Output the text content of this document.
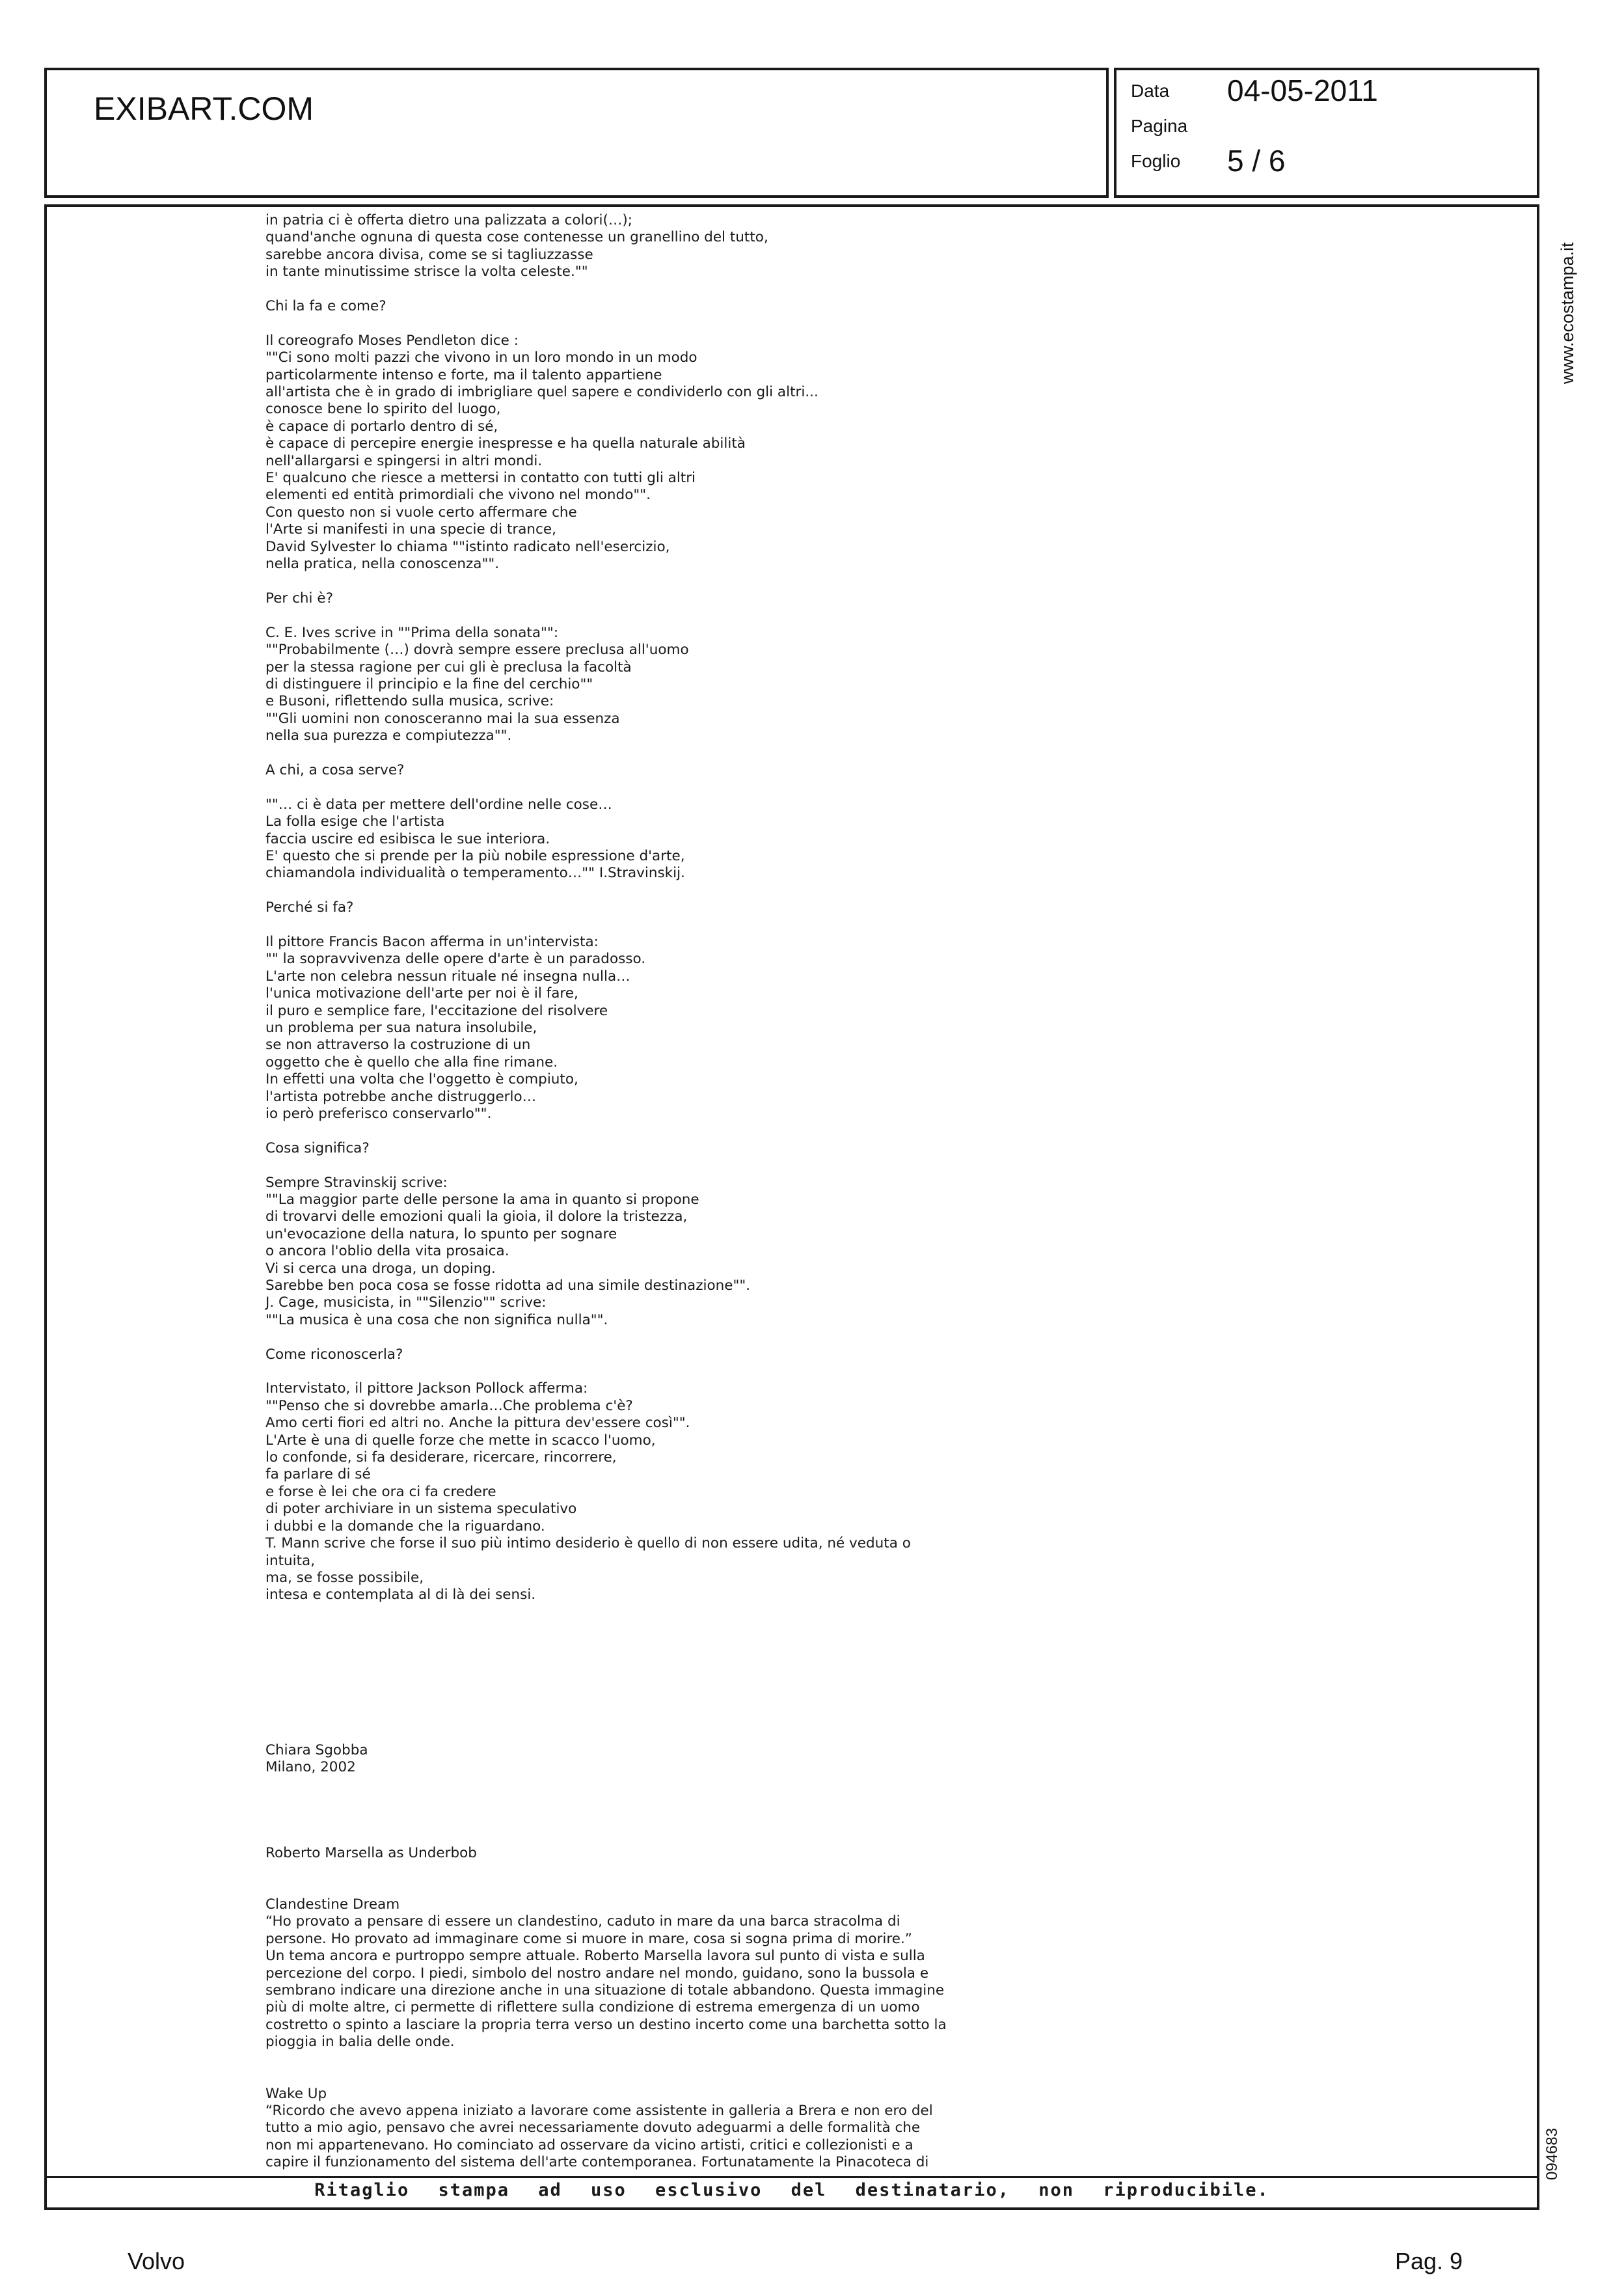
EXIBART.COM	Data 04-05-2011
Pagina
Foglio 5 / 6
www.ecostampa.it
094683

in patria ci è offerta dietro una palizzata a colori(…);
quand'anche ognuna di questa cose contenesse un granellino del tutto,
sarebbe ancora divisa, come se si tagliuzzasse
in tante minutissime strisce la volta celeste.""

Chi la fa e come?

Il coreografo Moses Pendleton dice :
""Ci sono molti pazzi che vivono in un loro mondo in un modo
particolarmente intenso e forte, ma il talento appartiene
all'artista che è in grado di imbrigliare quel sapere e condividerlo con gli altri...
conosce bene lo spirito del luogo,
è capace di portarlo dentro di sé,
è capace di percepire energie inespresse e ha quella naturale abilità
nell'allargarsi e spingersi in altri mondi.
E' qualcuno che riesce a mettersi in contatto con tutti gli altri
elementi ed entità primordiali che vivono nel mondo"".
Con questo non si vuole certo affermare che
l'Arte si manifesti in una specie di trance,
David Sylvester lo chiama ""istinto radicato nell'esercizio,
nella pratica, nella conoscenza"".

Per chi è?

C. E. Ives scrive in ""Prima della sonata"":
""Probabilmente (…) dovrà sempre essere preclusa all'uomo
per la stessa ragione per cui gli è preclusa la facoltà
di distinguere il principio e la fine del cerchio""
e Busoni, riflettendo sulla musica, scrive:
""Gli uomini non conosceranno mai la sua essenza
nella sua purezza e compiutezza"".

A chi, a cosa serve?

""… ci è data per mettere dell'ordine nelle cose…
La folla esige che l'artista
faccia uscire ed esibisca le sue interiora.
E' questo che si prende per la più nobile espressione d'arte,
chiamandola individualità o temperamento…"" I.Stravinskij.

Perché si fa?

Il pittore Francis Bacon afferma in un'intervista:
"" la sopravvivenza delle opere d'arte è un paradosso.
L'arte non celebra nessun rituale né insegna nulla…
l'unica motivazione dell'arte per noi è il fare,
il puro e semplice fare, l'eccitazione del risolvere
un problema per sua natura insolubile,
se non attraverso la costruzione di un
oggetto che è quello che alla fine rimane.
In effetti una volta che l'oggetto è compiuto,
l'artista potrebbe anche distruggerlo…
io però preferisco conservarlo"".

Cosa significa?

Sempre Stravinskij scrive:
""La maggior parte delle persone la ama in quanto si propone
di trovarvi delle emozioni quali la gioia, il dolore la tristezza,
un'evocazione della natura, lo spunto per sognare
o ancora l'oblio della vita prosaica.
Vi si cerca una droga, un doping.
Sarebbe ben poca cosa se fosse ridotta ad una simile destinazione"".
J. Cage, musicista, in ""Silenzio"" scrive:
""La musica è una cosa che non significa nulla"".

Come riconoscerla?

Intervistato, il pittore Jackson Pollock afferma:
""Penso che si dovrebbe amarla…Che problema c'è?
Amo certi fiori ed altri no. Anche la pittura dev'essere così"".
L'Arte è una di quelle forze che mette in scacco l'uomo,
lo confonde, si fa desiderare, ricercare, rincorrere,
fa parlare di sé
e forse è lei che ora ci fa credere
di poter archiviare in un sistema speculativo
i dubbi e la domande che la riguardano.
T. Mann scrive che forse il suo più intimo desiderio è quello di non essere udita, né veduta o
intuita,
ma, se fosse possibile,
intesa e contemplata al di là dei sensi.

Chiara Sgobba
Milano, 2002

Roberto Marsella as Underbob

Clandestine Dream
“Ho provato a pensare di essere un clandestino, caduto in mare da una barca stracolma di
persone. Ho provato ad immaginare come si muore in mare, cosa si sogna prima di morire.”
Un tema ancora e purtroppo sempre attuale. Roberto Marsella lavora sul punto di vista e sulla
percezione del corpo. I piedi, simbolo del nostro andare nel mondo, guidano, sono la bussola e
sembrano indicare una direzione anche in una situazione di totale abbandono. Questa immagine
più di molte altre, ci permette di riflettere sulla condizione di estrema emergenza di un uomo
costretto o spinto a lasciare la propria terra verso un destino incerto come una barchetta sotto la
pioggia in balia delle onde.

Wake Up
“Ricordo che avevo appena iniziato a lavorare come assistente in galleria a Brera e non ero del
tutto a mio agio, pensavo che avrei necessariamente dovuto adeguarmi a delle formalità che
non mi appartenevano. Ho cominciato ad osservare da vicino artisti, critici e collezionisti e a
capire il funzionamento del sistema dell'arte contemporanea. Fortunatamente la Pinacoteca di

Ritaglio stampa ad uso esclusivo del destinatario, non riproducibile.
Volvo	Pag. 9
